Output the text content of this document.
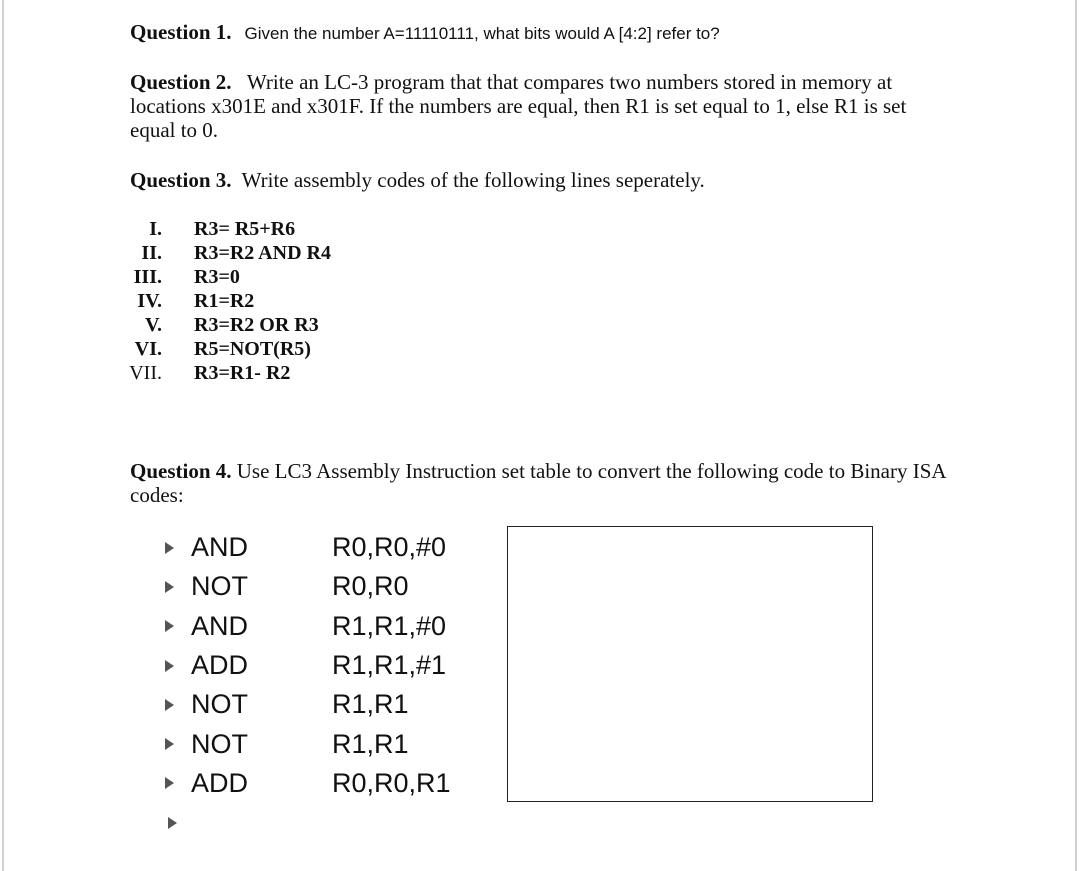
Question 1. Given the number A=11110111, what bits would A [4:2] refer to?
Question 2. Write an LC-3 program that that compares two numbers stored in memory at locations x301E and x301F. If the numbers are equal, then R1 is set equal to 1, else R1 is set equal to 0.
Question 3. Write assembly codes of the following lines seperately.
I. R3= R5+R6
II. R3=R2 AND R4
III. R3=0
IV. R1=R2
V. R3=R2 OR R3
VI. R5=NOT(R5)
VII. R3=R1- R2
Question 4. Use LC3 Assembly Instruction set table to convert the following code to Binary ISA codes:
AND	R0,R0,#0
NOT	R0,R0
AND	R1,R1,#0
ADD	R1,R1,#1
NOT	R1,R1
NOT	R1,R1
ADD	R0,R0,R1
